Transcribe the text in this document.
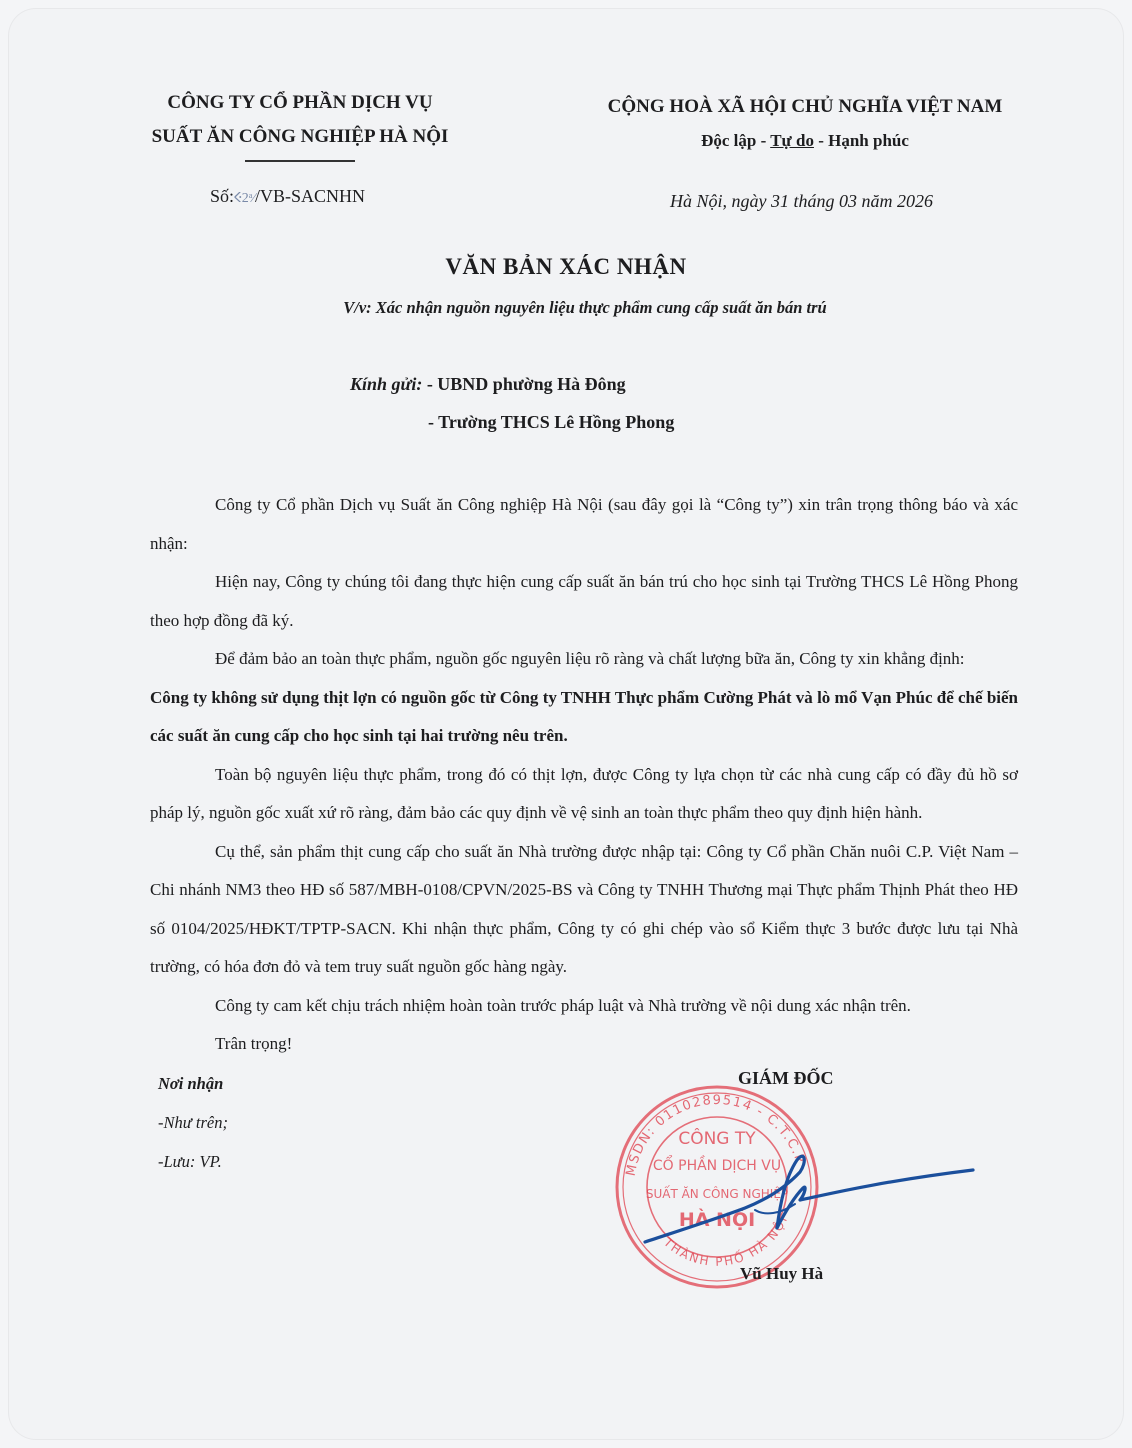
CÔNG TY CỔ PHẦN DỊCH VỤ
SUẤT ĂN CÔNG NGHIỆP HÀ NỘI
CỘNG HOÀ XÃ HỘI CHỦ NGHĨA VIỆT NAM
Độc lập - Tự do - Hạnh phúc
Số:Ⲵ2ᵃ⁄/VB-SACNHN	Hà Nội, ngày 31 tháng 03 năm 2026
VĂN BẢN XÁC NHẬN
V/v: Xác nhận nguồn nguyên liệu thực phẩm cung cấp suất ăn bán trú
Kính gửi: - UBND phường Hà Đông
- Trường THCS Lê Hồng Phong

Công ty Cổ phần Dịch vụ Suất ăn Công nghiệp Hà Nội (sau đây gọi là “Công ty”) xin trân trọng thông báo và xác nhận:

Hiện nay, Công ty chúng tôi đang thực hiện cung cấp suất ăn bán trú cho học sinh tại Trường THCS Lê Hồng Phong theo hợp đồng đã ký.

Để đảm bảo an toàn thực phẩm, nguồn gốc nguyên liệu rõ ràng và chất lượng bữa ăn, Công ty xin khẳng định:

Công ty không sử dụng thịt lợn có nguồn gốc từ Công ty TNHH Thực phẩm Cường Phát và lò mổ Vạn Phúc để chế biến các suất ăn cung cấp cho học sinh tại hai trường nêu trên.

Toàn bộ nguyên liệu thực phẩm, trong đó có thịt lợn, được Công ty lựa chọn từ các nhà cung cấp có đầy đủ hồ sơ pháp lý, nguồn gốc xuất xứ rõ ràng, đảm bảo các quy định về vệ sinh an toàn thực phẩm theo quy định hiện hành.

Cụ thể, sản phẩm thịt cung cấp cho suất ăn Nhà trường được nhập tại: Công ty Cổ phần Chăn nuôi C.P. Việt Nam – Chi nhánh NM3 theo HĐ số 587/MBH-0108/CPVN/2025-BS và Công ty TNHH Thương mại Thực phẩm Thịnh Phát theo HĐ số 0104/2025/HĐKT/TPTP-SACN. Khi nhận thực phẩm, Công ty có ghi chép vào sổ Kiểm thực 3 bước được lưu tại Nhà trường, có hóa đơn đỏ và tem truy suất nguồn gốc hàng ngày.

Công ty cam kết chịu trách nhiệm hoàn toàn trước pháp luật và Nhà trường về nội dung xác nhận trên.

Trân trọng!

Nơi nhận
-Như trên;
-Lưu: VP.
GIÁM ĐỐC
MSDN: 0110289514 - C.T.C.P
THÀNH PHỐ HÀ NỘI
CÔNG TY
CỔ PHẦN DỊCH VỤ
SUẤT ĂN CÔNG NGHIỆP
HÀ NỘI
Vũ Huy Hà
